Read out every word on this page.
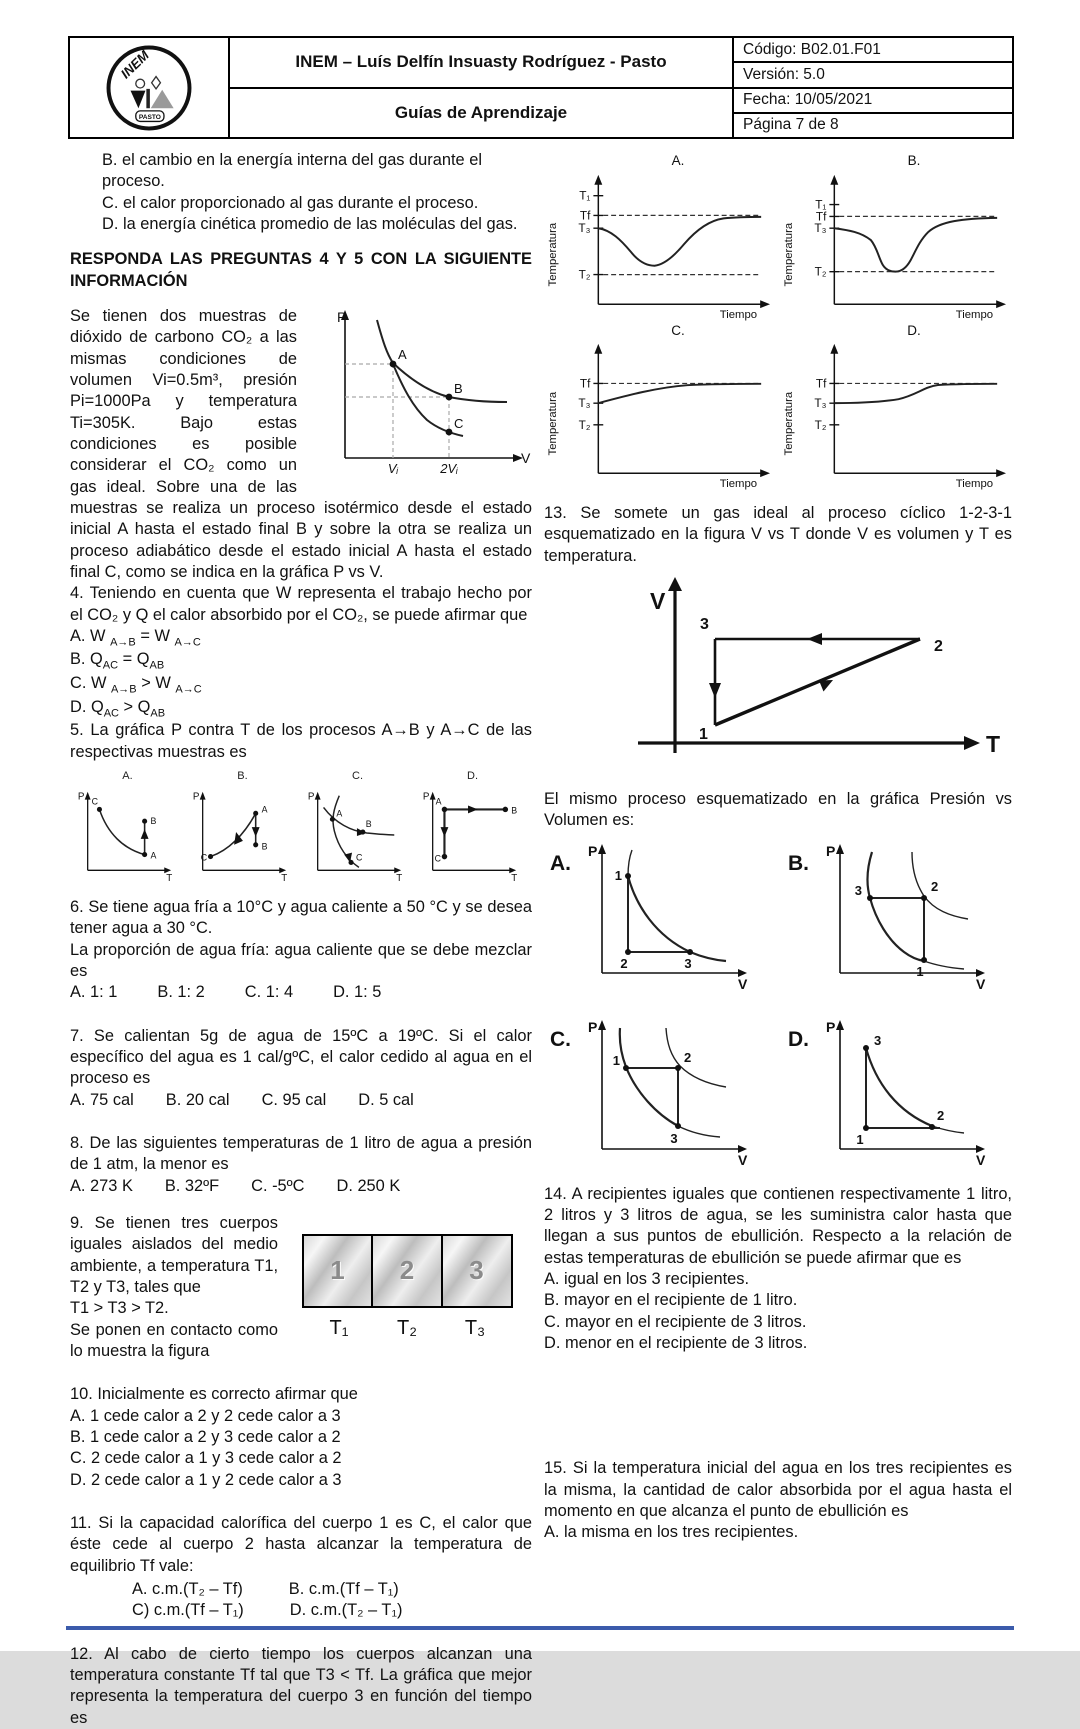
INEM
PASTO
INEM – Luís Delfín Insuasty Rodríguez - Pasto
Guías de Aprendizaje
Código: B02.01.F01
Versión: 5.0
Fecha: 10/05/2021
Página 7 de 8
B. el cambio en la energía interna del gas durante el proceso.
C. el calor proporcionado al gas durante el proceso.
D. la energía cinética promedio de las moléculas del gas.

RESPONDA LAS PREGUNTAS 4 Y 5 CON LA SIGUIENTE INFORMACIÓN

P
V
A
B
C
Vᵢ	2Vᵢ

Se tienen dos muestras de dióxido de carbono CO₂ a las mismas condiciones de volumen Vi=0.5m³, presión Pi=1000Pa y temperatura Ti=305K. Bajo estas condiciones es posible considerar el CO₂ como un gas ideal. Sobre una de las muestras se realiza un proceso isotérmico desde el estado inicial A hasta el estado final B y sobre la otra se realiza un proceso adiabático desde el estado inicial A hasta el estado final C, como se indica en la gráfica P vs V.

4. Teniendo en cuenta que W representa el trabajo hecho por el CO₂ y Q el calor absorbido por el CO₂, se puede afirmar que

A. W $_{A\to B}$ = W $_{A\to C}$
B. $Q_{AC} = Q_{AB}$
C. W $_{A\to B}$ > W $_{A\to C}$
D. $Q_{AC} > Q_{AB}$

5. La gráfica P contra T de los procesos A→B y A→C de las respectivas muestras es

A.
P
T
C
B
A
B.
P
T
C
A
B
C.
P
T
A
B
C
D.
P
T
A
B
C

6. Se tiene agua fría a 10°C y agua caliente a 50 °C y se desea tener agua a 30 °C.

La proporción de agua fría: agua caliente que se debe mezclar es

A. 1: 1 B. 1: 2 C. 1: 4 D. 1: 5

7. Se calientan 5g de agua de 15ºC a 19ºC. Si el calor específico del agua es 1 cal/gºC, el calor cedido al agua en el proceso es

A. 75 cal B. 20 cal C. 95 cal D. 5 cal

8. De las siguientes temperaturas de 1 litro de agua a presión de 1 atm, la menor es

A. 273 K B. 32ºF C. -5ºC D. 250 K

9. Se tienen tres cuerpos iguales aislados del medio ambiente, a temperatura T1, T2 y T3, tales que

T1 > T3 > T2.

Se ponen en contacto como lo muestra la figura

1	2	3
T₁	T₂	T₃

10. Inicialmente es correcto afirmar que

A. 1 cede calor a 2 y 2 cede calor a 3
B. 1 cede calor a 2 y 3 cede calor a 2
C. 2 cede calor a 1 y 3 cede calor a 2
D. 2 cede calor a 1 y 2 cede calor a 3

11. Si la capacidad calorífica del cuerpo 1 es C, el calor que éste cede al cuerpo 2 hasta alcanzar la temperatura de equilibrio Tf vale:

A. c.m.(T₂ – Tf)	B. c.m.(Tf – T₁)
C) c.m.(Tf – T₁)	D. c.m.(T₂ – T₁)

12. Al cabo de cierto tiempo los cuerpos alcanzan una temperatura constante Tf tal que T3 < Tf. La gráfica que mejor representa la temperatura del cuerpo 3 en función del tiempo es

A.
Temperatura
Tiempo
T₁
Tf
T₃
T₂
B.
Temperatura
Tiempo
T₁
Tf
T₃
T₂
C.
Temperatura
Tiempo
Tf
T₃
T₂
D.
Temperatura
Tiempo
Tf
T₃
T₂

13. Se somete un gas ideal al proceso cíclico 1-2-3-1 esquematizado en la figura V vs T donde V es volumen y T es temperatura.

V
T
3
2
1

El mismo proceso esquematizado en la gráfica Presión vs Volumen es:

A.
P
V
1
2	3
B.
P
V
3	2
1
C.
P
V
1	2
3
D.
P
V
3
1
2

14. A recipientes iguales que contienen respectivamente 1 litro, 2 litros y 3 litros de agua, se les suministra calor hasta que llegan a sus puntos de ebullición. Respecto a la relación de estas temperaturas de ebullición se puede afirmar que es

A. igual en los 3 recipientes.
B. mayor en el recipiente de 1 litro.
C. mayor en el recipiente de 3 litros.
D. menor en el recipiente de 3 litros.

15. Si la temperatura inicial del agua en los tres recipientes es la misma, la cantidad de calor absorbida por el agua hasta el momento en que alcanza el punto de ebullición es

A. la misma en los tres recipientes.
